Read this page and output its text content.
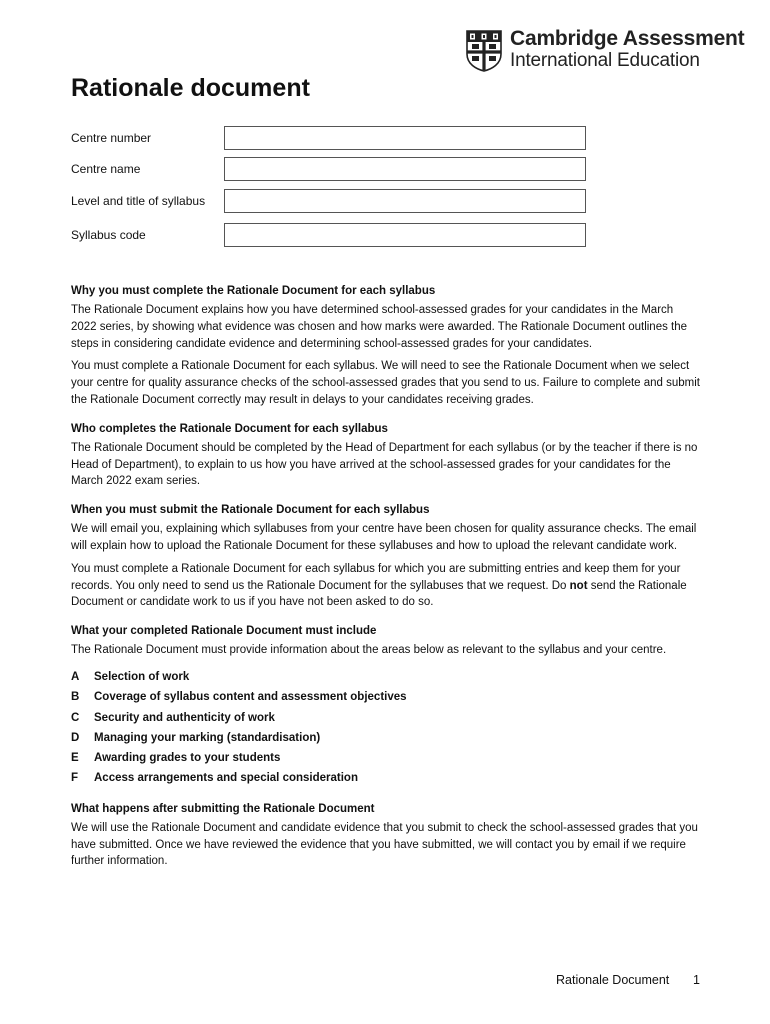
Cambridge Assessment
International Education
Rationale document
Centre number
Centre name
Level and title of syllabus
Syllabus code
Why you must complete the Rationale Document for each syllabus

The Rationale Document explains how you have determined school-assessed grades for your candidates in the March 2022 series, by showing what evidence was chosen and how marks were awarded. The Rationale Document outlines the steps in considering candidate evidence and determining school-assessed grades for your candidates.

You must complete a Rationale Document for each syllabus. We will need to see the Rationale Document when we select your centre for quality assurance checks of the school-assessed grades that you send to us. Failure to complete and submit the Rationale Document correctly may result in delays to your candidates receiving grades.

Who completes the Rationale Document for each syllabus

The Rationale Document should be completed by the Head of Department for each syllabus (or by the teacher if there is no Head of Department), to explain to us how you have arrived at the school-assessed grades for your candidates for the March 2022 exam series.

When you must submit the Rationale Document for each syllabus

We will email you, explaining which syllabuses from your centre have been chosen for quality assurance checks. The email will explain how to upload the Rationale Document for these syllabuses and how to upload the relevant candidate work.

You must complete a Rationale Document for each syllabus for which you are submitting entries and keep them for your records. You only need to send us the Rationale Document for the syllabuses that we request. Do not send the Rationale Document or candidate work to us if you have not been asked to do so.

What your completed Rationale Document must include

The Rationale Document must provide information about the areas below as relevant to the syllabus and your centre.

A	Selection of work
B	Coverage of syllabus content and assessment objectives
C	Security and authenticity of work
D	Managing your marking (standardisation)
E	Awarding grades to your students
F	Access arrangements and special consideration
What happens after submitting the Rationale Document

We will use the Rationale Document and candidate evidence that you submit to check the school-assessed grades that you have submitted. Once we have reviewed the evidence that you have submitted, we will contact you by email if we require further information.

Rationale Document 1
